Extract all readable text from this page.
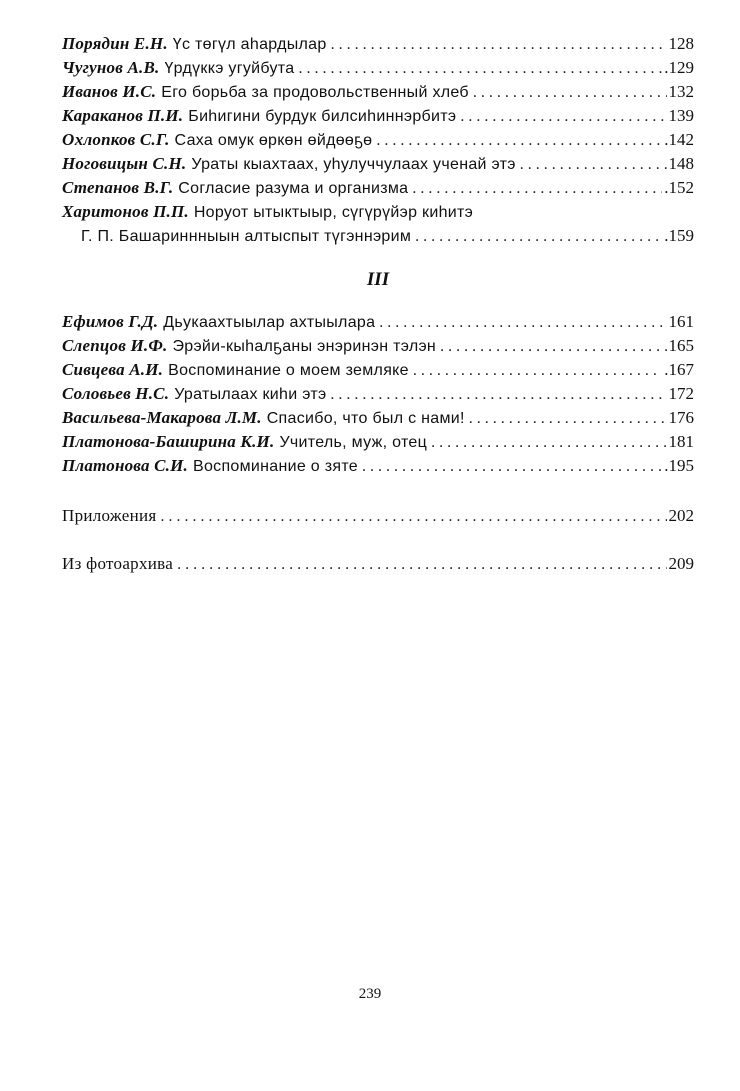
Порядин Е.Н. Үс төгүл аһардылар . . .	128
Чугунов А.В. Үрдүккэ угуйбута . . .	.129
Иванов И.С. Его борьба за продовольственный хлеб . . .	132
Караканов П.И. Биһигини бурдук билсиһиннэрбитэ . . .	139
Охлопков С.Г. Саха омук өркөн өйдөөҕө . . .	.142
Ноговицын С.Н. Ураты кыахтаах, уһулуччулаах ученай этэ . . .	148
Степанов В.Г. Согласие разума и организма . . .	.152
Харитонов П.П. Норуот ытыктыыр, сүгүрүйэр киһитэ
Г. П. Башариннныын алтыспыт түгэннэрим . . .	.159
III
Ефимов Г.Д. Дьукаахтыылар ахтыылара . . .	161
Слепцов И.Ф. Эрэйи-кыһалҕаны энэринэн тэлэн . . .	165
Сивцева А.И. Воспоминание о моем земляке . . .	.167
Соловьев Н.С. Уратылаах киһи этэ . . .	172
Васильева-Макарова Л.М. Спасибо, что был с нами! . . .	176
Платонова-Баширина К.И. Учитель, муж, отец . . .	181
Платонова С.И. Воспоминание о зяте . . .	.195
Приложения . . .	202
Из фотоархива . . .	209
239
